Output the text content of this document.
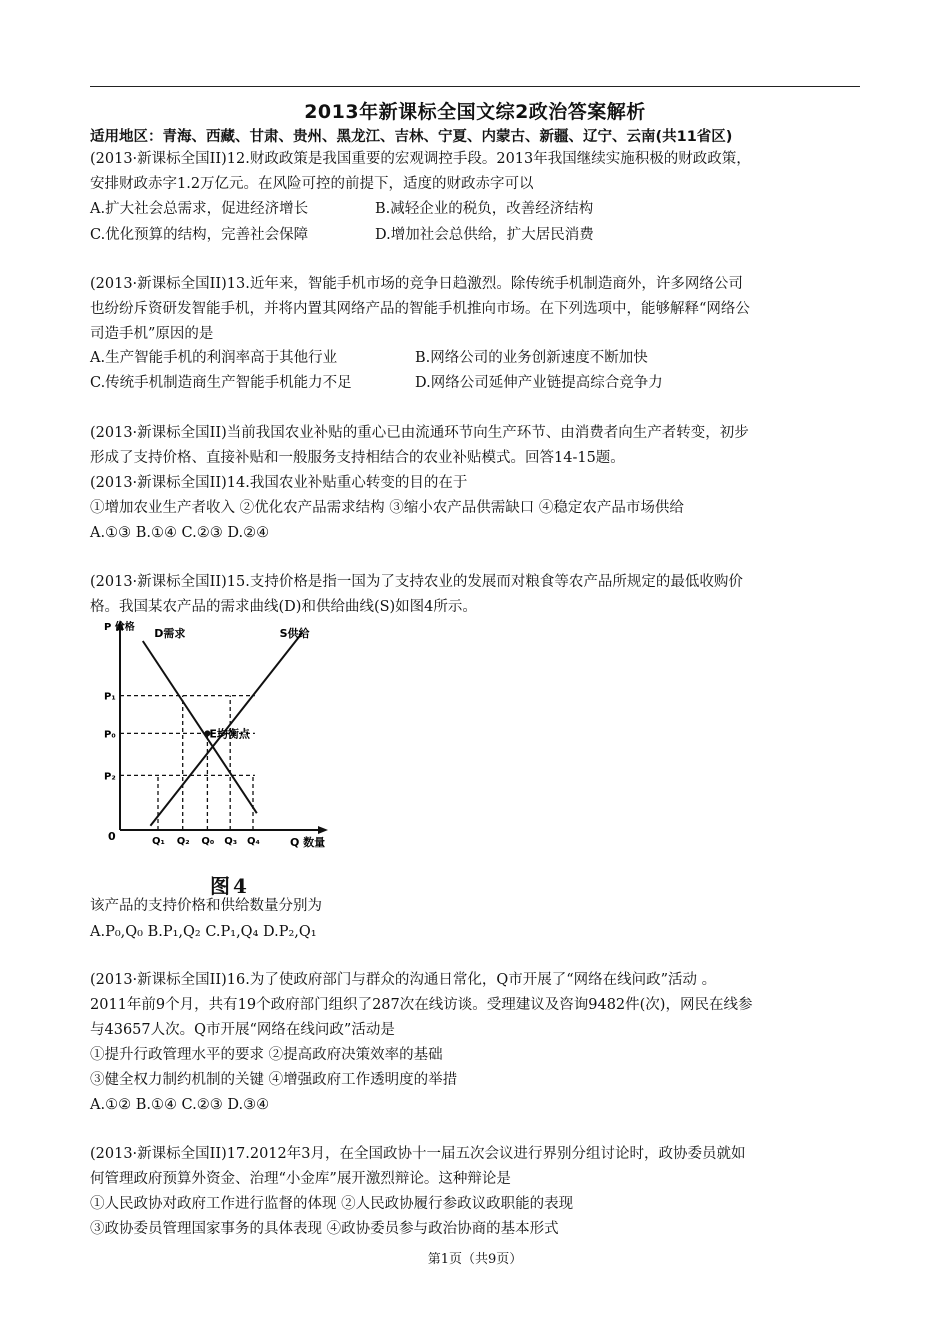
2013年新课标全国文综2政治答案解析
适用地区：青海、西藏、甘肃、贵州、黑龙江、吉林、宁夏、内蒙古、新疆、辽宁、云南(共11省区)
(2013·新课标全国II)12.财政政策是我国重要的宏观调控手段。2013年我国继续实施积极的财政政策，
安排财政赤字1.2万亿元。在风险可控的前提下，适度的财政赤字可以
A.扩大社会总需求，促进经济增长	B.减轻企业的税负，改善经济结构
C.优化预算的结构，完善社会保障	D.增加社会总供给，扩大居民消费
(2013·新课标全国II)13.近年来，智能手机市场的竞争日趋激烈。除传统手机制造商外，许多网络公司
也纷纷斥资研发智能手机，并将内置其网络产品的智能手机推向市场。在下列选项中，能够解释“网络公
司造手机”原因的是
A.生产智能手机的利润率高于其他行业	B.网络公司的业务创新速度不断加快
C.传统手机制造商生产智能手机能力不足	D.网络公司延伸产业链提高综合竞争力
(2013·新课标全国II)当前我国农业补贴的重心已由流通环节向生产环节、由消费者向生产者转变，初步
形成了支持价格、直接补贴和一般服务支持相结合的农业补贴模式。回答14-15题。
(2013·新课标全国II)14.我国农业补贴重心转变的目的在于
①增加农业生产者收入 ②优化农产品需求结构 ③缩小农产品供需缺口 ④稳定农产品市场供给
A.①③ B.①④ C.②③ D.②④
(2013·新课标全国II)15.支持价格是指一国为了支持农业的发展而对粮食等农产品所规定的最低收购价
格。我国某农产品的需求曲线(D)和供给曲线(S)如图4所示。
P 价格
0	Q 数量
P₁
P₀
P₂
Q₁ Q₂ Q₀ Q₃ Q₄
D需求	S供给
E均衡点
图4
该产品的支持价格和供给数量分别为
A.P₀,Q₀ B.P₁,Q₂ C.P₁,Q₄ D.P₂,Q₁
(2013·新课标全国II)16.为了使政府部门与群众的沟通日常化，Q市开展了“网络在线问政”活动 。
2011年前9个月，共有19个政府部门组织了287次在线访谈。受理建议及咨询9482件(次)，网民在线参
与43657人次。Q市开展“网络在线问政”活动是
①提升行政管理水平的要求 ②提高政府决策效率的基础
③健全权力制约机制的关键 ④增强政府工作透明度的举措
A.①② B.①④ C.②③ D.③④
(2013·新课标全国II)17.2012年3月，在全国政协十一届五次会议进行界别分组讨论时，政协委员就如
何管理政府预算外资金、治理“小金库”展开激烈辩论。这种辩论是
①人民政协对政府工作进行监督的体现 ②人民政协履行参政议政职能的表现
③政协委员管理国家事务的具体表现 ④政协委员参与政治协商的基本形式
第1页（共9页）
